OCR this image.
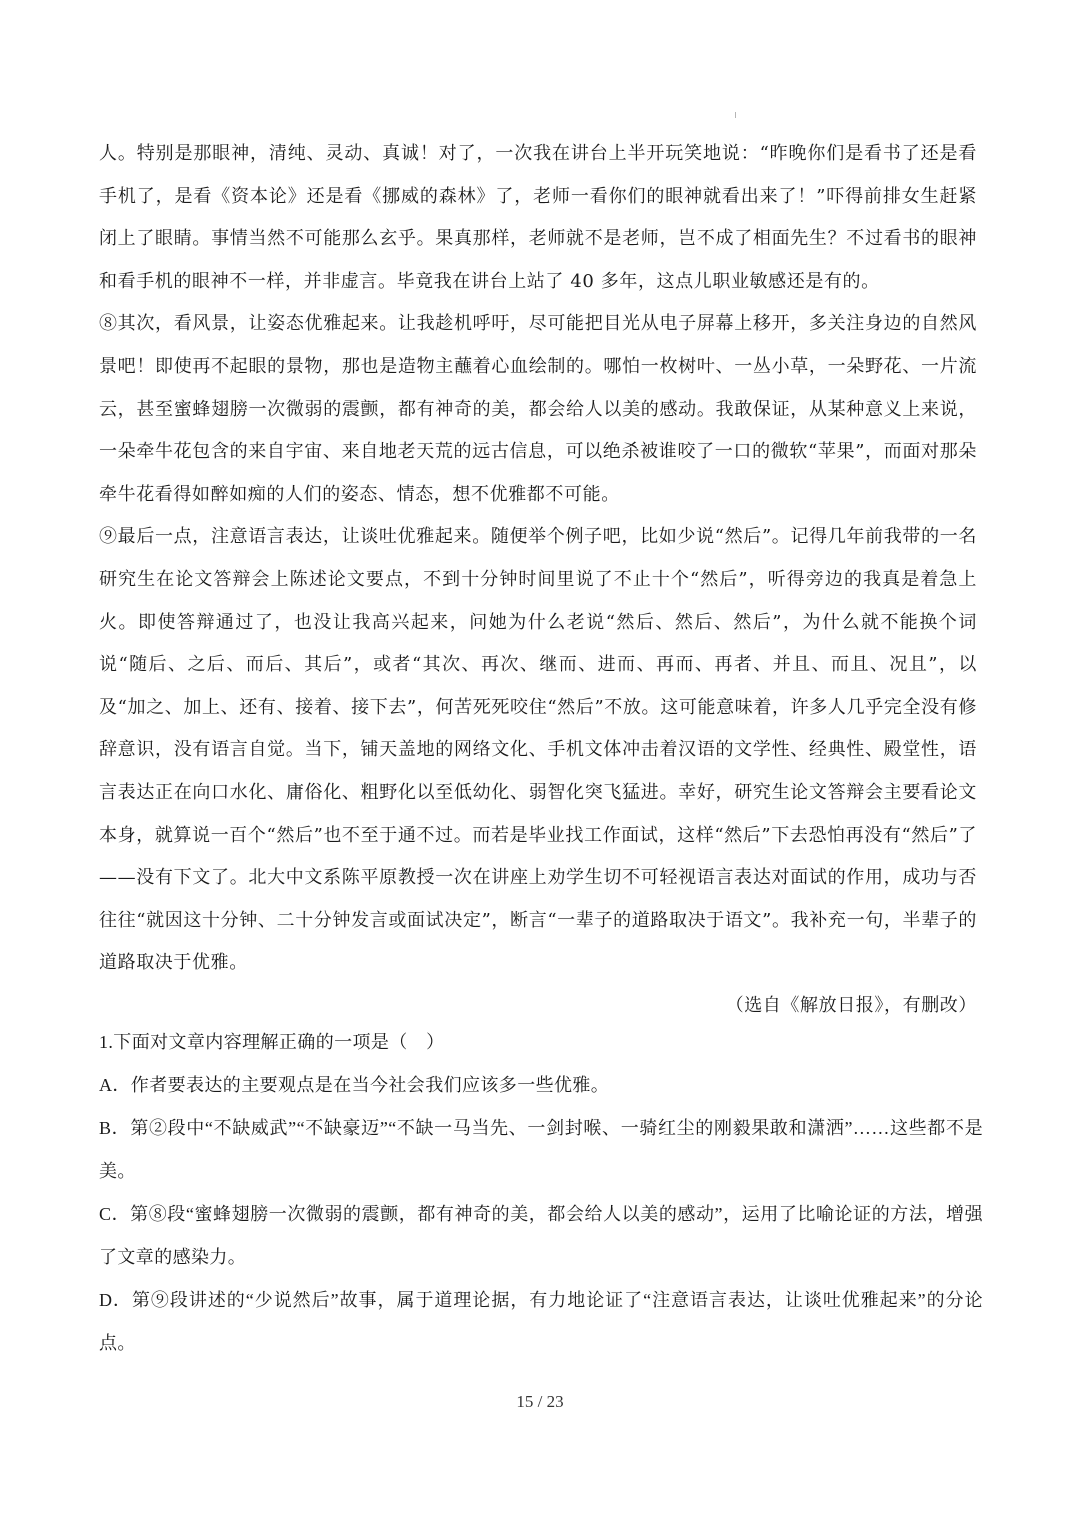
人。特别是那眼神，清纯、灵动、真诚！对了，一次我在讲台上半开玩笑地说：“昨晚你们是看书了还是看手机了，是看《资本论》还是看《挪威的森林》了，老师一看你们的眼神就看出来了！”吓得前排女生赶紧闭上了眼睛。事情当然不可能那么玄乎。果真那样，老师就不是老师，岂不成了相面先生？不过看书的眼神和看手机的眼神不一样，并非虚言。毕竟我在讲台上站了 40 多年，这点儿职业敏感还是有的。

⑧其次，看风景，让姿态优雅起来。让我趁机呼吁，尽可能把目光从电子屏幕上移开，多关注身边的自然风景吧！即使再不起眼的景物，那也是造物主蘸着心血绘制的。哪怕一枚树叶、一丛小草，一朵野花、一片流云，甚至蜜蜂翅膀一次微弱的震颤，都有神奇的美，都会给人以美的感动。我敢保证，从某种意义上来说，一朵牵牛花包含的来自宇宙、来自地老天荒的远古信息，可以绝杀被谁咬了一口的微软“苹果”，而面对那朵牵牛花看得如醉如痴的人们的姿态、情态，想不优雅都不可能。

⑨最后一点，注意语言表达，让谈吐优雅起来。随便举个例子吧，比如少说“然后”。记得几年前我带的一名研究生在论文答辩会上陈述论文要点，不到十分钟时间里说了不止十个“然后”，听得旁边的我真是着急上火。即使答辩通过了，也没让我高兴起来，问她为什么老说“然后、然后、然后”，为什么就不能换个词说“随后、之后、而后、其后”，或者“其次、再次、继而、进而、再而、再者、并且、而且、况且”，以及“加之、加上、还有、接着、接下去”，何苦死死咬住“然后”不放。这可能意味着，许多人几乎完全没有修辞意识，没有语言自觉。当下，铺天盖地的网络文化、手机文体冲击着汉语的文学性、经典性、殿堂性，语言表达正在向口水化、庸俗化、粗野化以至低幼化、弱智化突飞猛进。幸好，研究生论文答辩会主要看论文本身，就算说一百个“然后”也不至于通不过。而若是毕业找工作面试，这样“然后”下去恐怕再没有“然后”了——没有下文了。北大中文系陈平原教授一次在讲座上劝学生切不可轻视语言表达对面试的作用，成功与否往往“就因这十分钟、二十分钟发言或面试决定”，断言“一辈子的道路取决于语文”。我补充一句，半辈子的道路取决于优雅。

（选自《解放日报》，有删改）

1.下面对文章内容理解正确的一项是（　）

A．作者要表达的主要观点是在当今社会我们应该多一些优雅。

B．第②段中“不缺威武”“不缺豪迈”“不缺一马当先、一剑封喉、一骑红尘的刚毅果敢和潇洒”……这些都不是美。

C．第⑧段“蜜蜂翅膀一次微弱的震颤，都有神奇的美，都会给人以美的感动”，运用了比喻论证的方法，增强了文章的感染力。

D．第⑨段讲述的“少说然后”故事，属于道理论据，有力地论证了“注意语言表达，让谈吐优雅起来”的分论点。

15 / 23
